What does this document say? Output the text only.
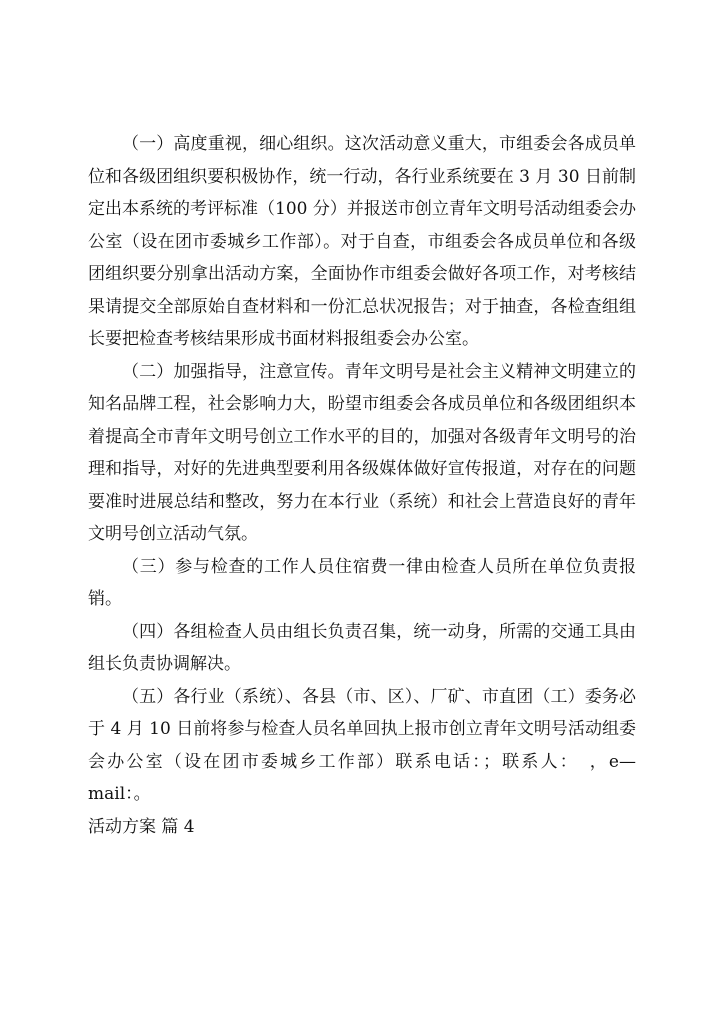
（一）高度重视，细心组织。这次活动意义重大，市组委会各成员单位和各级团组织要积极协作，统一行动，各行业系统要在 3 月 30 日前制定出本系统的考评标准（100 分）并报送市创立青年文明号活动组委会办公室（设在团市委城乡工作部）。对于自查，市组委会各成员单位和各级团组织要分别拿出活动方案，全面协作市组委会做好各项工作，对考核结果请提交全部原始自查材料和一份汇总状况报告；对于抽查，各检查组组长要把检查考核结果形成书面材料报组委会办公室。

（二）加强指导，注意宣传。青年文明号是社会主义精神文明建立的知名品牌工程，社会影响力大，盼望市组委会各成员单位和各级团组织本着提高全市青年文明号创立工作水平的目的，加强对各级青年文明号的治理和指导，对好的先进典型要利用各级媒体做好宣传报道，对存在的问题要准时进展总结和整改，努力在本行业（系统）和社会上营造良好的青年文明号创立活动气氛。

（三）参与检查的工作人员住宿费一律由检查人员所在单位负责报销。

（四）各组检查人员由组长负责召集，统一动身，所需的交通工具由组长负责协调解决。

（五）各行业（系统）、各县（市、区）、厂矿、市直团（工）委务必于 4 月 10 日前将参与检查人员名单回执上报市创立青年文明号活动组委会办公室（设在团市委城乡工作部）联系电话：；联系人：　，e—mail：。

活动方案 篇 4
